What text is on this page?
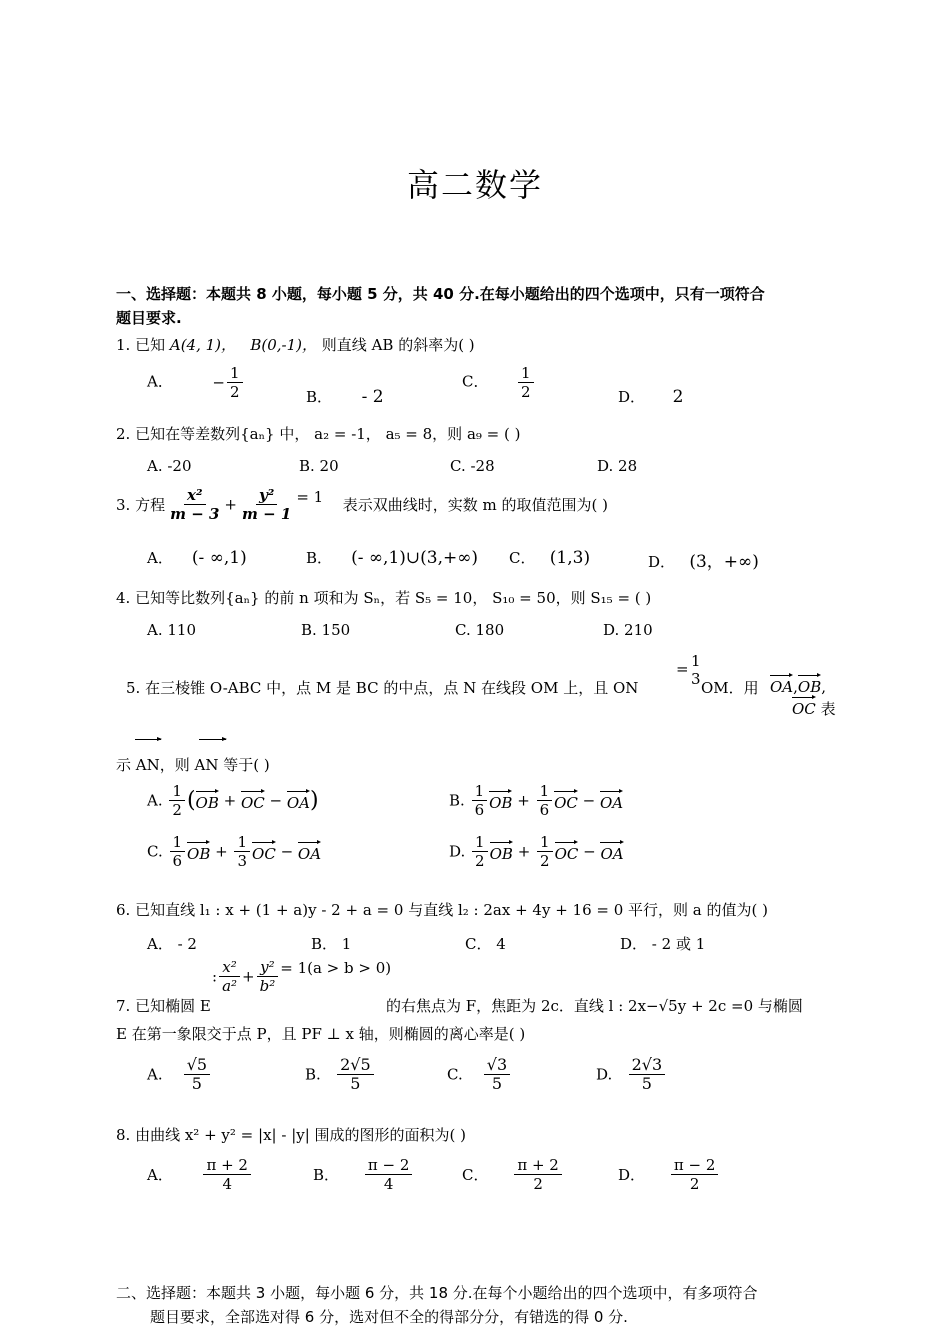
高二数学
一、选择题：本题共 8 小题，每小题 5 分，共 40 分.在每小题给出的四个选项中，只有一项符合
题目要求.
1. 已知 A(4, 1)， B(0,-1)， 则直线 AB 的斜率为( )
A．	− $\frac{1}{2}$	B． - 2
C． $\frac{1}{2}$	D． 2
2. 已知在等差数列{aₙ} 中， a₂ = -1， a₅ = 8，则 a₉ = ( )
A. -20	B. 20	C. -28	D. 28
3. 方程 $\frac{\text{x²}}{m - 3} + \frac{\text{y²}}{m - 1} = 1$ 表示双曲线时，实数 m 的取值范围为( )
A． (- ∞,1)	B． (- ∞,1)∪(3,+∞) C． (1,3)	D． (3，+∞)
4. 已知等比数列{aₙ} 的前 n 项和为 Sₙ，若 S₅ = 10， S₁₀ = 50，则 S₁₅ = ( )
A. 110	B. 150	C. 180	D. 210
5. 在三棱锥 O-ABC 中，点 M 是 BC 的中点，点 N 在线段 OM 上，且 ON
= 1
3 OM．用 OA,OB,
OC 表
示 AN，则 AN 等于( )
A. $\frac{1}{2} (OB$ + OC − OA)	B. $\frac{1}{6}$ OB + $\frac{1}{6}$ OC − OA
C. $\frac{1}{6}$ OB + $\frac{1}{3}$ OC − OA	D. $\frac{1}{2}$ OB + $\frac{1}{2}$ OC − OA
6. 已知直线 l₁ : x + (1 + a)y - 2 + a = 0 与直线 l₂ : 2ax + 4y + 16 = 0 平行，则 a 的值为( )
A． - 2	B． 1	C． 4	D． - 2 或 1
7. 已知椭圆 E
: $\frac{\text{x²}}{\text{a²}} + \frac{\text{y²}}{\text{b²}} = 1(a > b > 0)$
的右焦点为 F，焦距为 2c．直线 l : 2x−√5y + 2c =0 与椭圆
E 在第一象限交于点 P，且 PF ⊥ x 轴，则椭圆的离心率是( )
A. $\frac{√5}{5}$	B. $\frac{2√5}{5}$	C. $\frac{√3}{5}$	D. $\frac{2√3}{5}$
8. 由曲线 x² + y² = |x| - |y| 围成的图形的面积为( )
A． $\frac{\pi + 2}{4}$	B． $\frac{\pi - 2}{4}$	C． $\frac{\pi + 2}{2}$	D． $\frac{\pi - 2}{2}$
二、选择题：本题共 3 小题，每小题 6 分，共 18 分.在每个小题给出的四个选项中，有多项符合
题目要求，全部选对得 6 分，选对但不全的得部分分，有错选的得 0 分.
